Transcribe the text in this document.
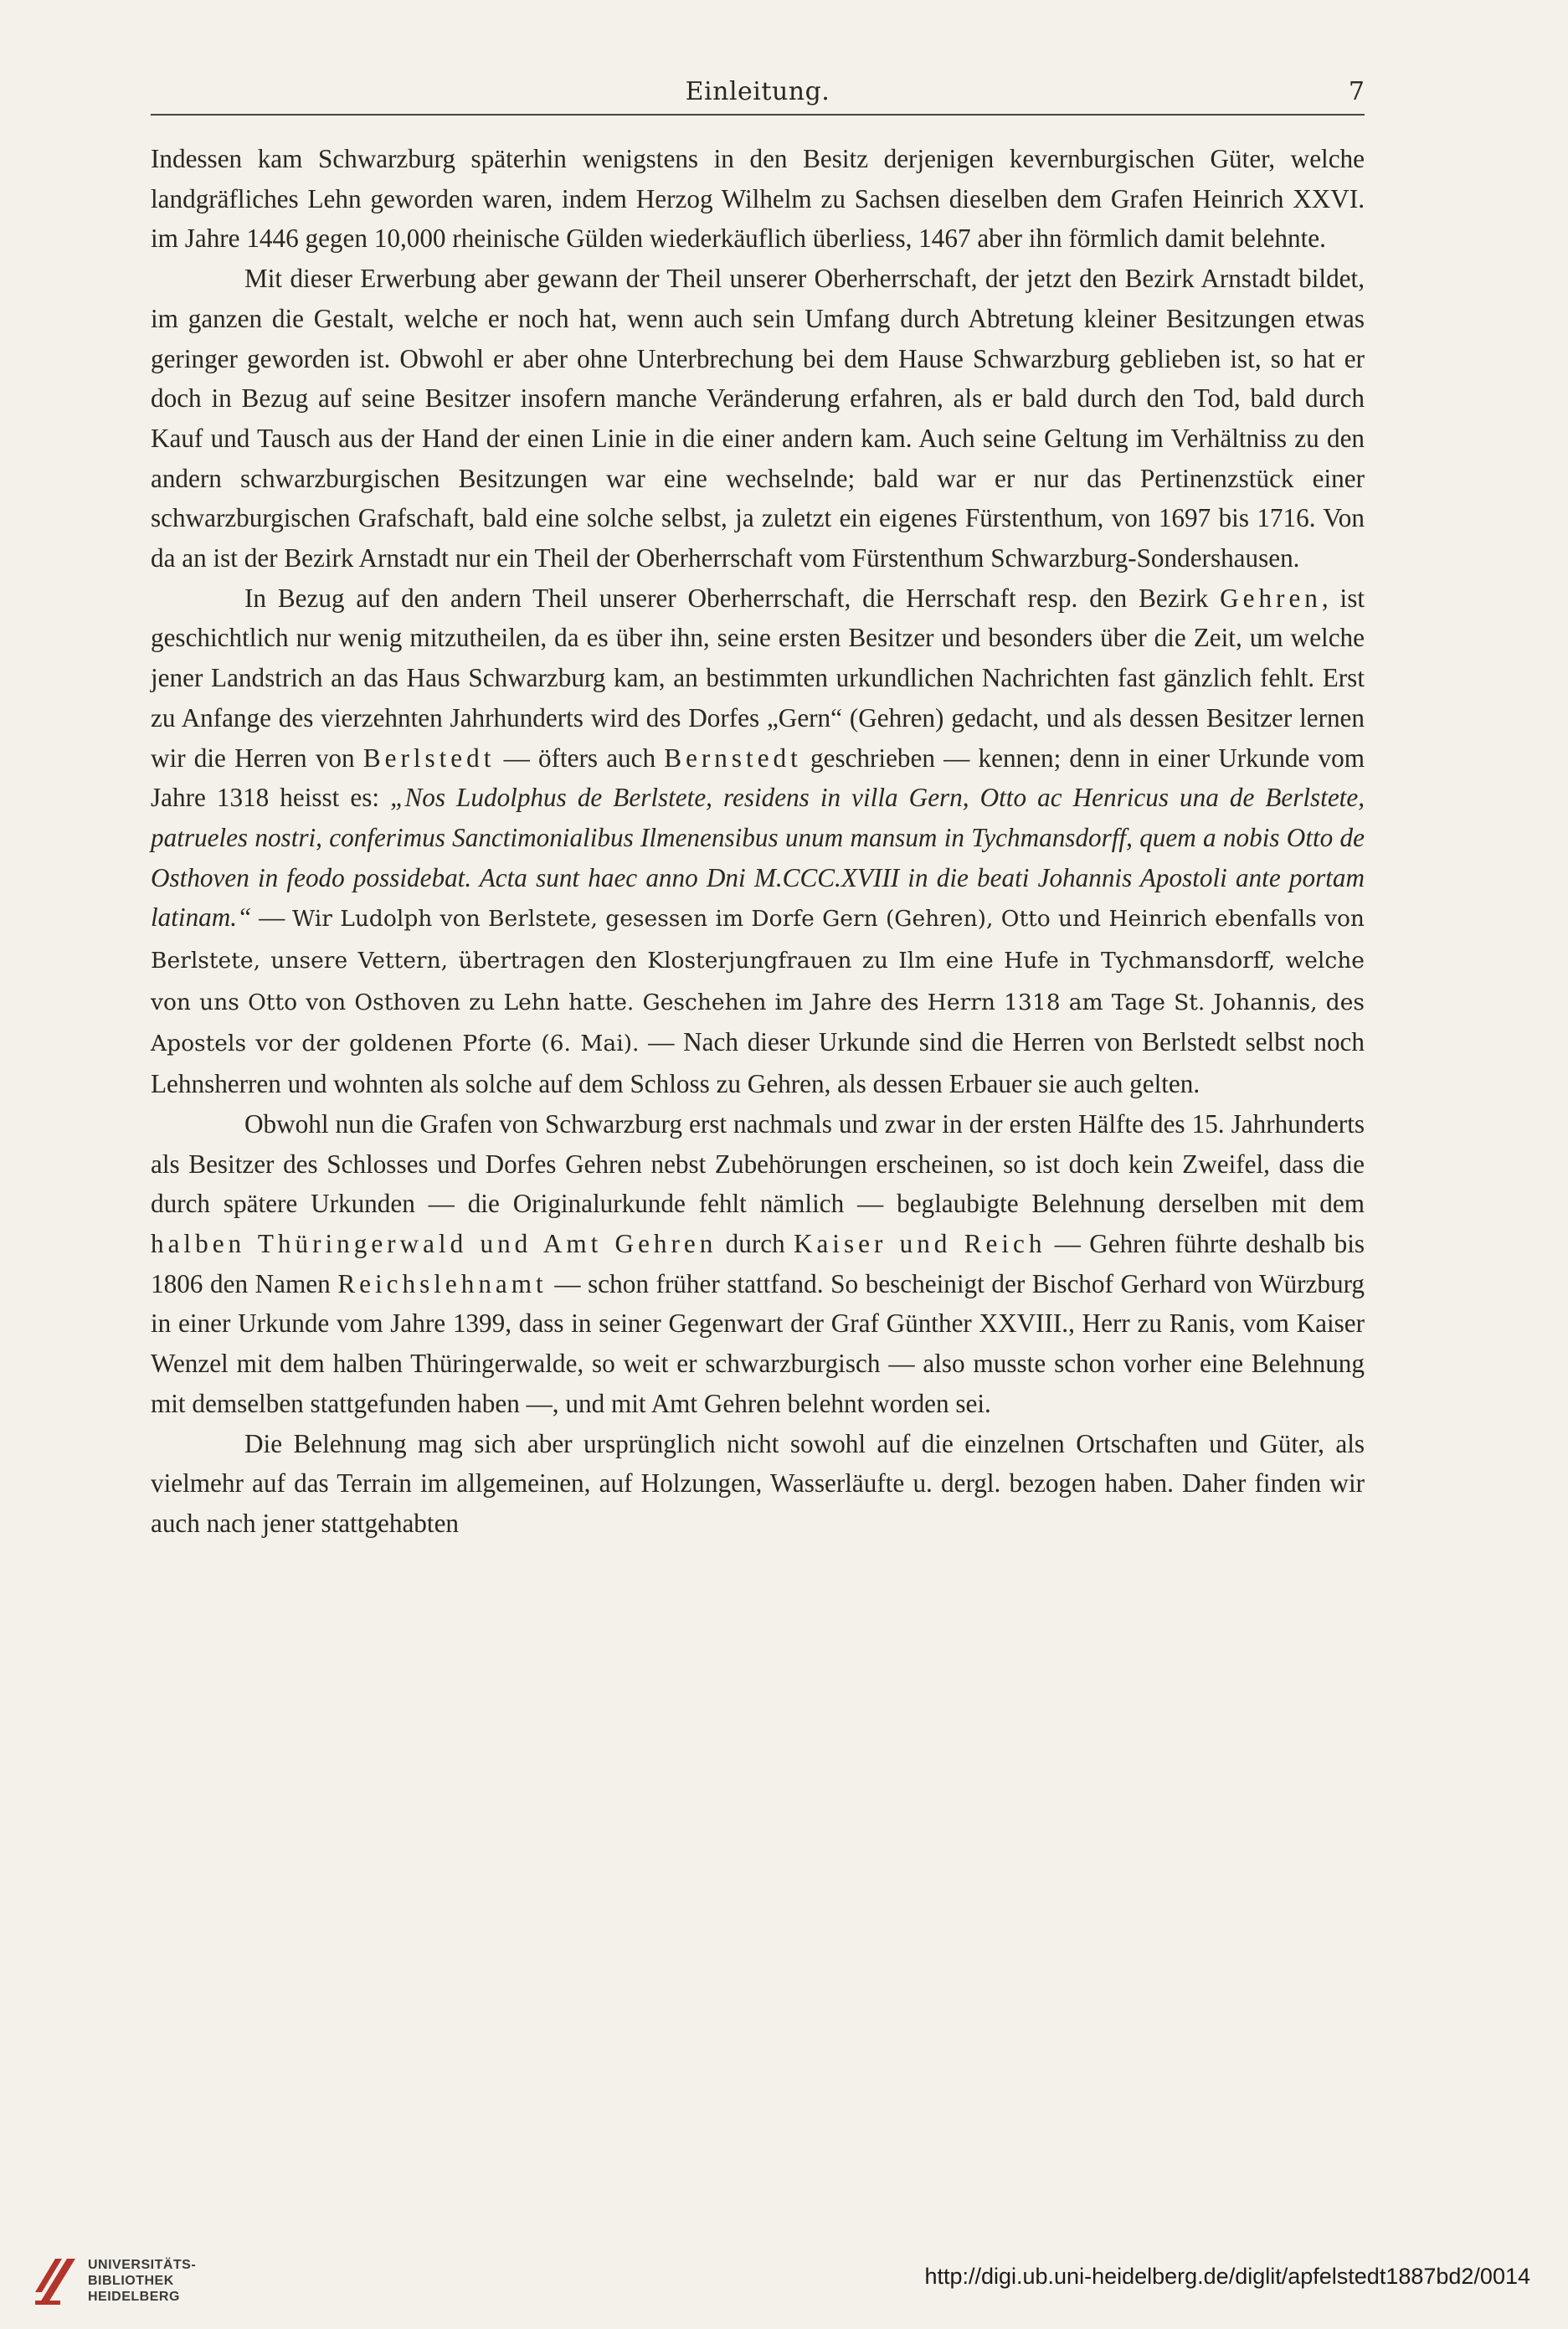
Einleitung.	7

Indessen kam Schwarzburg späterhin wenigstens in den Besitz derjenigen kevernburgischen Güter, welche landgräfliches Lehn geworden waren, indem Herzog Wilhelm zu Sachsen dieselben dem Grafen Heinrich XXVI. im Jahre 1446 gegen 10,000 rheinische Gülden wiederkäuflich überliess, 1467 aber ihn förmlich damit belehnte.

Mit dieser Erwerbung aber gewann der Theil unserer Oberherrschaft, der jetzt den Bezirk Arnstadt bildet, im ganzen die Gestalt, welche er noch hat, wenn auch sein Umfang durch Abtretung kleiner Besitzungen etwas geringer geworden ist. Obwohl er aber ohne Unterbrechung bei dem Hause Schwarzburg geblieben ist, so hat er doch in Bezug auf seine Besitzer insofern manche Veränderung erfahren, als er bald durch den Tod, bald durch Kauf und Tausch aus der Hand der einen Linie in die einer andern kam. Auch seine Geltung im Verhältniss zu den andern schwarzburgischen Besitzungen war eine wechselnde; bald war er nur das Pertinenzstück einer schwarzburgischen Grafschaft, bald eine solche selbst, ja zuletzt ein eigenes Fürstenthum, von 1697 bis 1716. Von da an ist der Bezirk Arnstadt nur ein Theil der Oberherrschaft vom Fürstenthum Schwarzburg-Sondershausen.

In Bezug auf den andern Theil unserer Oberherrschaft, die Herrschaft resp. den Bezirk Gehren, ist geschichtlich nur wenig mitzutheilen, da es über ihn, seine ersten Besitzer und besonders über die Zeit, um welche jener Landstrich an das Haus Schwarzburg kam, an bestimmten urkundlichen Nachrichten fast gänzlich fehlt. Erst zu Anfange des vierzehnten Jahrhunderts wird des Dorfes „Gern“ (Gehren) gedacht, und als dessen Besitzer lernen wir die Herren von Berlstedt — öfters auch Bernstedt geschrieben — kennen; denn in einer Urkunde vom Jahre 1318 heisst es: „Nos Ludolphus de Berlstete, residens in villa Gern, Otto ac Henricus una de Berlstete, patrueles nostri, conferimus Sanctimonialibus Ilmenensibus unum mansum in Tychmansdorff, quem a nobis Otto de Osthoven in feodo possidebat. Acta sunt haec anno Dni M.CCC.XVIII in die beati Johannis Apostoli ante portam latinam.“ — Wir Ludolph von Berlstete, gesessen im Dorfe Gern (Gehren), Otto und Heinrich ebenfalls von Berlstete, unsere Vettern, übertragen den Klosterjungfrauen zu Ilm eine Hufe in Tychmansdorff, welche von uns Otto von Osthoven zu Lehn hatte. Geschehen im Jahre des Herrn 1318 am Tage St. Johannis, des Apostels vor der goldenen Pforte (6. Mai). — Nach dieser Urkunde sind die Herren von Berlstedt selbst noch Lehnsherren und wohnten als solche auf dem Schloss zu Gehren, als dessen Erbauer sie auch gelten.

Obwohl nun die Grafen von Schwarzburg erst nachmals und zwar in der ersten Hälfte des 15. Jahrhunderts als Besitzer des Schlosses und Dorfes Gehren nebst Zubehörungen erscheinen, so ist doch kein Zweifel, dass die durch spätere Urkunden — die Originalurkunde fehlt nämlich — beglaubigte Belehnung derselben mit dem halben Thüringerwald und Amt Gehren durch Kaiser und Reich — Gehren führte deshalb bis 1806 den Namen Reichslehnamt — schon früher stattfand. So bescheinigt der Bischof Gerhard von Würzburg in einer Urkunde vom Jahre 1399, dass in seiner Gegenwart der Graf Günther XXVIII., Herr zu Ranis, vom Kaiser Wenzel mit dem halben Thüringerwalde, so weit er schwarzburgisch — also musste schon vorher eine Belehnung mit demselben stattgefunden haben —, und mit Amt Gehren belehnt worden sei.

Die Belehnung mag sich aber ursprünglich nicht sowohl auf die einzelnen Ortschaften und Güter, als vielmehr auf das Terrain im allgemeinen, auf Holzungen, Wasserläufte u. dergl. bezogen haben. Daher finden wir auch nach jener stattgehabten

UNIVERSITÄTS-
BIBLIOTHEK
HEIDELBERG
http://digi.ub.uni-heidelberg.de/diglit/apfelstedt1887bd2/0014
